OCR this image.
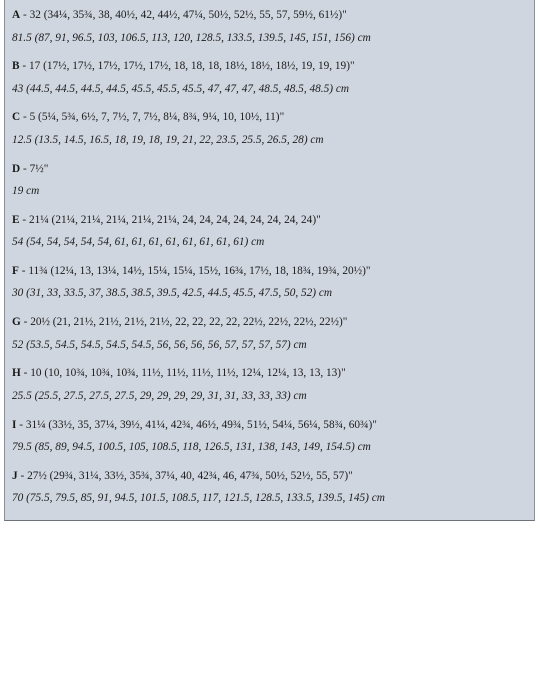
A - 32 (34¼, 35¾, 38, 40½, 42, 44½, 47¼, 50½, 52½, 55, 57, 59½, 61½)"
81.5 (87, 91, 96.5, 103, 106.5, 113, 120, 128.5, 133.5, 139.5, 145, 151, 156) cm
B - 17 (17½, 17½, 17½, 17½, 17½, 18, 18, 18, 18½, 18½, 18½, 19, 19, 19)"
43 (44.5, 44.5, 44.5, 44.5, 45.5, 45.5, 45.5, 47, 47, 47, 48.5, 48.5, 48.5) cm
C - 5 (5¼, 5¾, 6½, 7, 7½, 7, 7½, 8¼, 8¾, 9¼, 10, 10½, 11)"
12.5 (13.5, 14.5, 16.5, 18, 19, 18, 19, 21, 22, 23.5, 25.5, 26.5, 28) cm
D - 7½"
19 cm
E - 21¼ (21¼, 21¼, 21¼, 21¼, 21¼, 24, 24, 24, 24, 24, 24, 24, 24)"
54 (54, 54, 54, 54, 54, 61, 61, 61, 61, 61, 61, 61, 61) cm
F - 11¾ (12¼, 13, 13¼, 14½, 15¼, 15¼, 15½, 16¾, 17½, 18, 18¾, 19¾, 20½)"
30 (31, 33, 33.5, 37, 38.5, 38.5, 39.5, 42.5, 44.5, 45.5, 47.5, 50, 52) cm
G - 20½ (21, 21½, 21½, 21½, 21½, 22, 22, 22, 22, 22½, 22½, 22½, 22½)"
52 (53.5, 54.5, 54.5, 54.5, 54.5, 56, 56, 56, 56, 57, 57, 57, 57) cm
H - 10 (10, 10¾, 10¾, 10¾, 11½, 11½, 11½, 11½, 12¼, 12¼, 13, 13, 13)"
25.5 (25.5, 27.5, 27.5, 27.5, 29, 29, 29, 29, 31, 31, 33, 33, 33) cm
I - 31¼ (33½, 35, 37¼, 39½, 41¼, 42¾, 46½, 49¾, 51½, 54¼, 56¼, 58¾, 60¾)"
79.5 (85, 89, 94.5, 100.5, 105, 108.5, 118, 126.5, 131, 138, 143, 149, 154.5) cm
J - 27½ (29¾, 31¼, 33½, 35¾, 37¼, 40, 42¾, 46, 47¾, 50½, 52½, 55, 57)"
70 (75.5, 79.5, 85, 91, 94.5, 101.5, 108.5, 117, 121.5, 128.5, 133.5, 139.5, 145) cm
